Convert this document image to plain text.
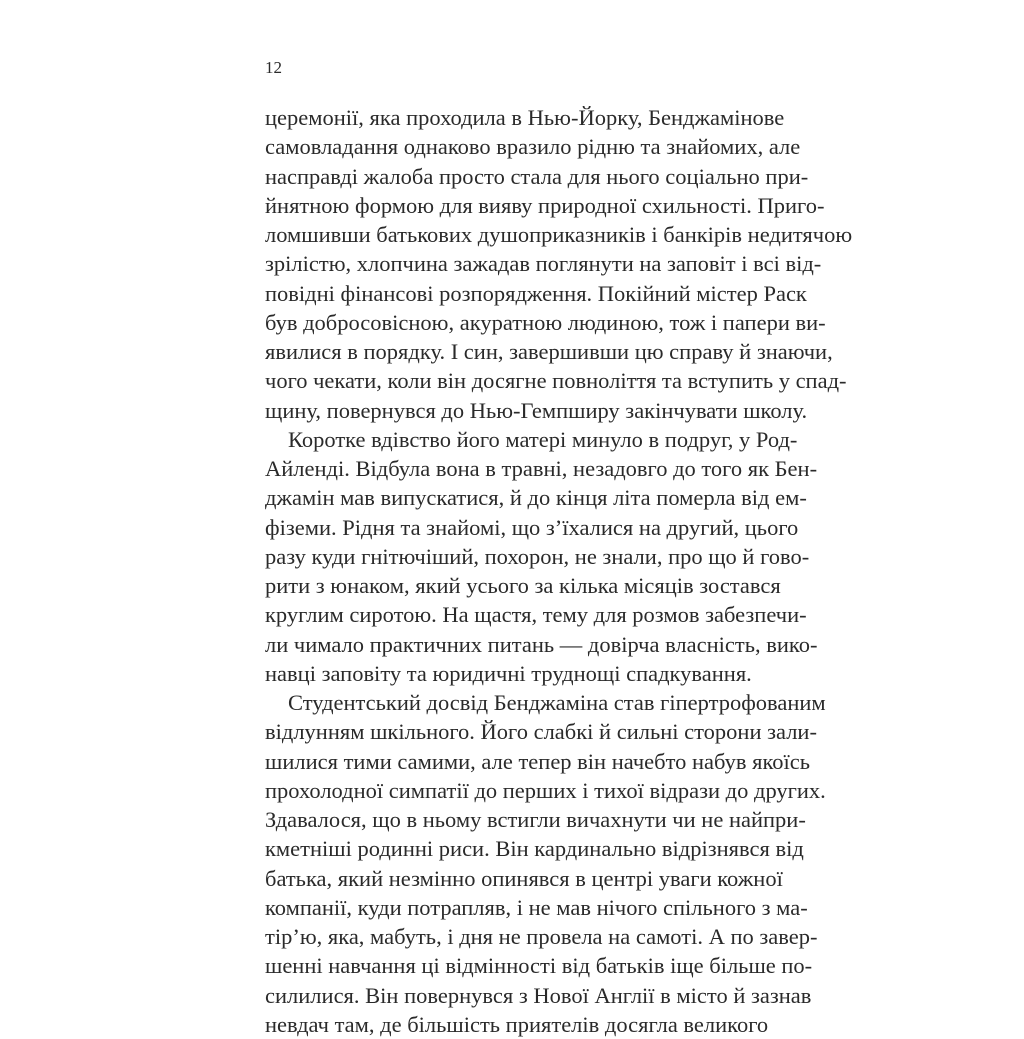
12
церемонії, яка проходила в Нью-Йорку, Бенджамінове
самовладання однаково вразило рідню та знайомих, але
насправді жалоба просто стала для нього соціально при-
йнятною формою для вияву природної схильності. Приго-
ломшивши батькових душоприказників і банкірів недитячою
зрілістю, хлопчина зажадав поглянути на заповіт і всі від-
повідні фінансові розпорядження. Покійний містер Раск
був добросовісною, акуратною людиною, тож і папери ви-
явилися в порядку. І син, завершивши цю справу й знаючи,
чого чекати, коли він досягне повноліття та вступить у спад-
щину, повернувся до Нью-Гемпширу закінчувати школу.
Коротке вдівство його матері минуло в подруг, у Род-
Айленді. Відбула вона в травні, незадовго до того як Бен-
джамін мав випускатися, й до кінця літа померла від ем-
фіземи. Рідня та знайомі, що з’їхалися на другий, цього
разу куди гнітючіший, похорон, не знали, про що й гово-
рити з юнаком, який усього за кілька місяців зостався
круглим сиротою. На щастя, тему для розмов забезпечи-
ли чимало практичних питань — довірча власність, вико-
навці заповіту та юридичні труднощі спадкування.
Студентський досвід Бенджаміна став гіпертрофованим
відлунням шкільного. Його слабкі й сильні сторони зали-
шилися тими самими, але тепер він начебто набув якоїсь
прохолодної симпатії до перших і тихої відрази до других.
Здавалося, що в ньому встигли вичахнути чи не найпри-
кметніші родинні риси. Він кардинально відрізнявся від
батька, який незмінно опинявся в центрі уваги кожної
компанії, куди потрапляв, і не мав нічого спільного з ма-
тір’ю, яка, мабуть, і дня не провела на самоті. А по завер-
шенні навчання ці відмінності від батьків іще більше по-
силилися. Він повернувся з Нової Англії в місто й зазнав
невдач там, де більшість приятелів досягла великого
